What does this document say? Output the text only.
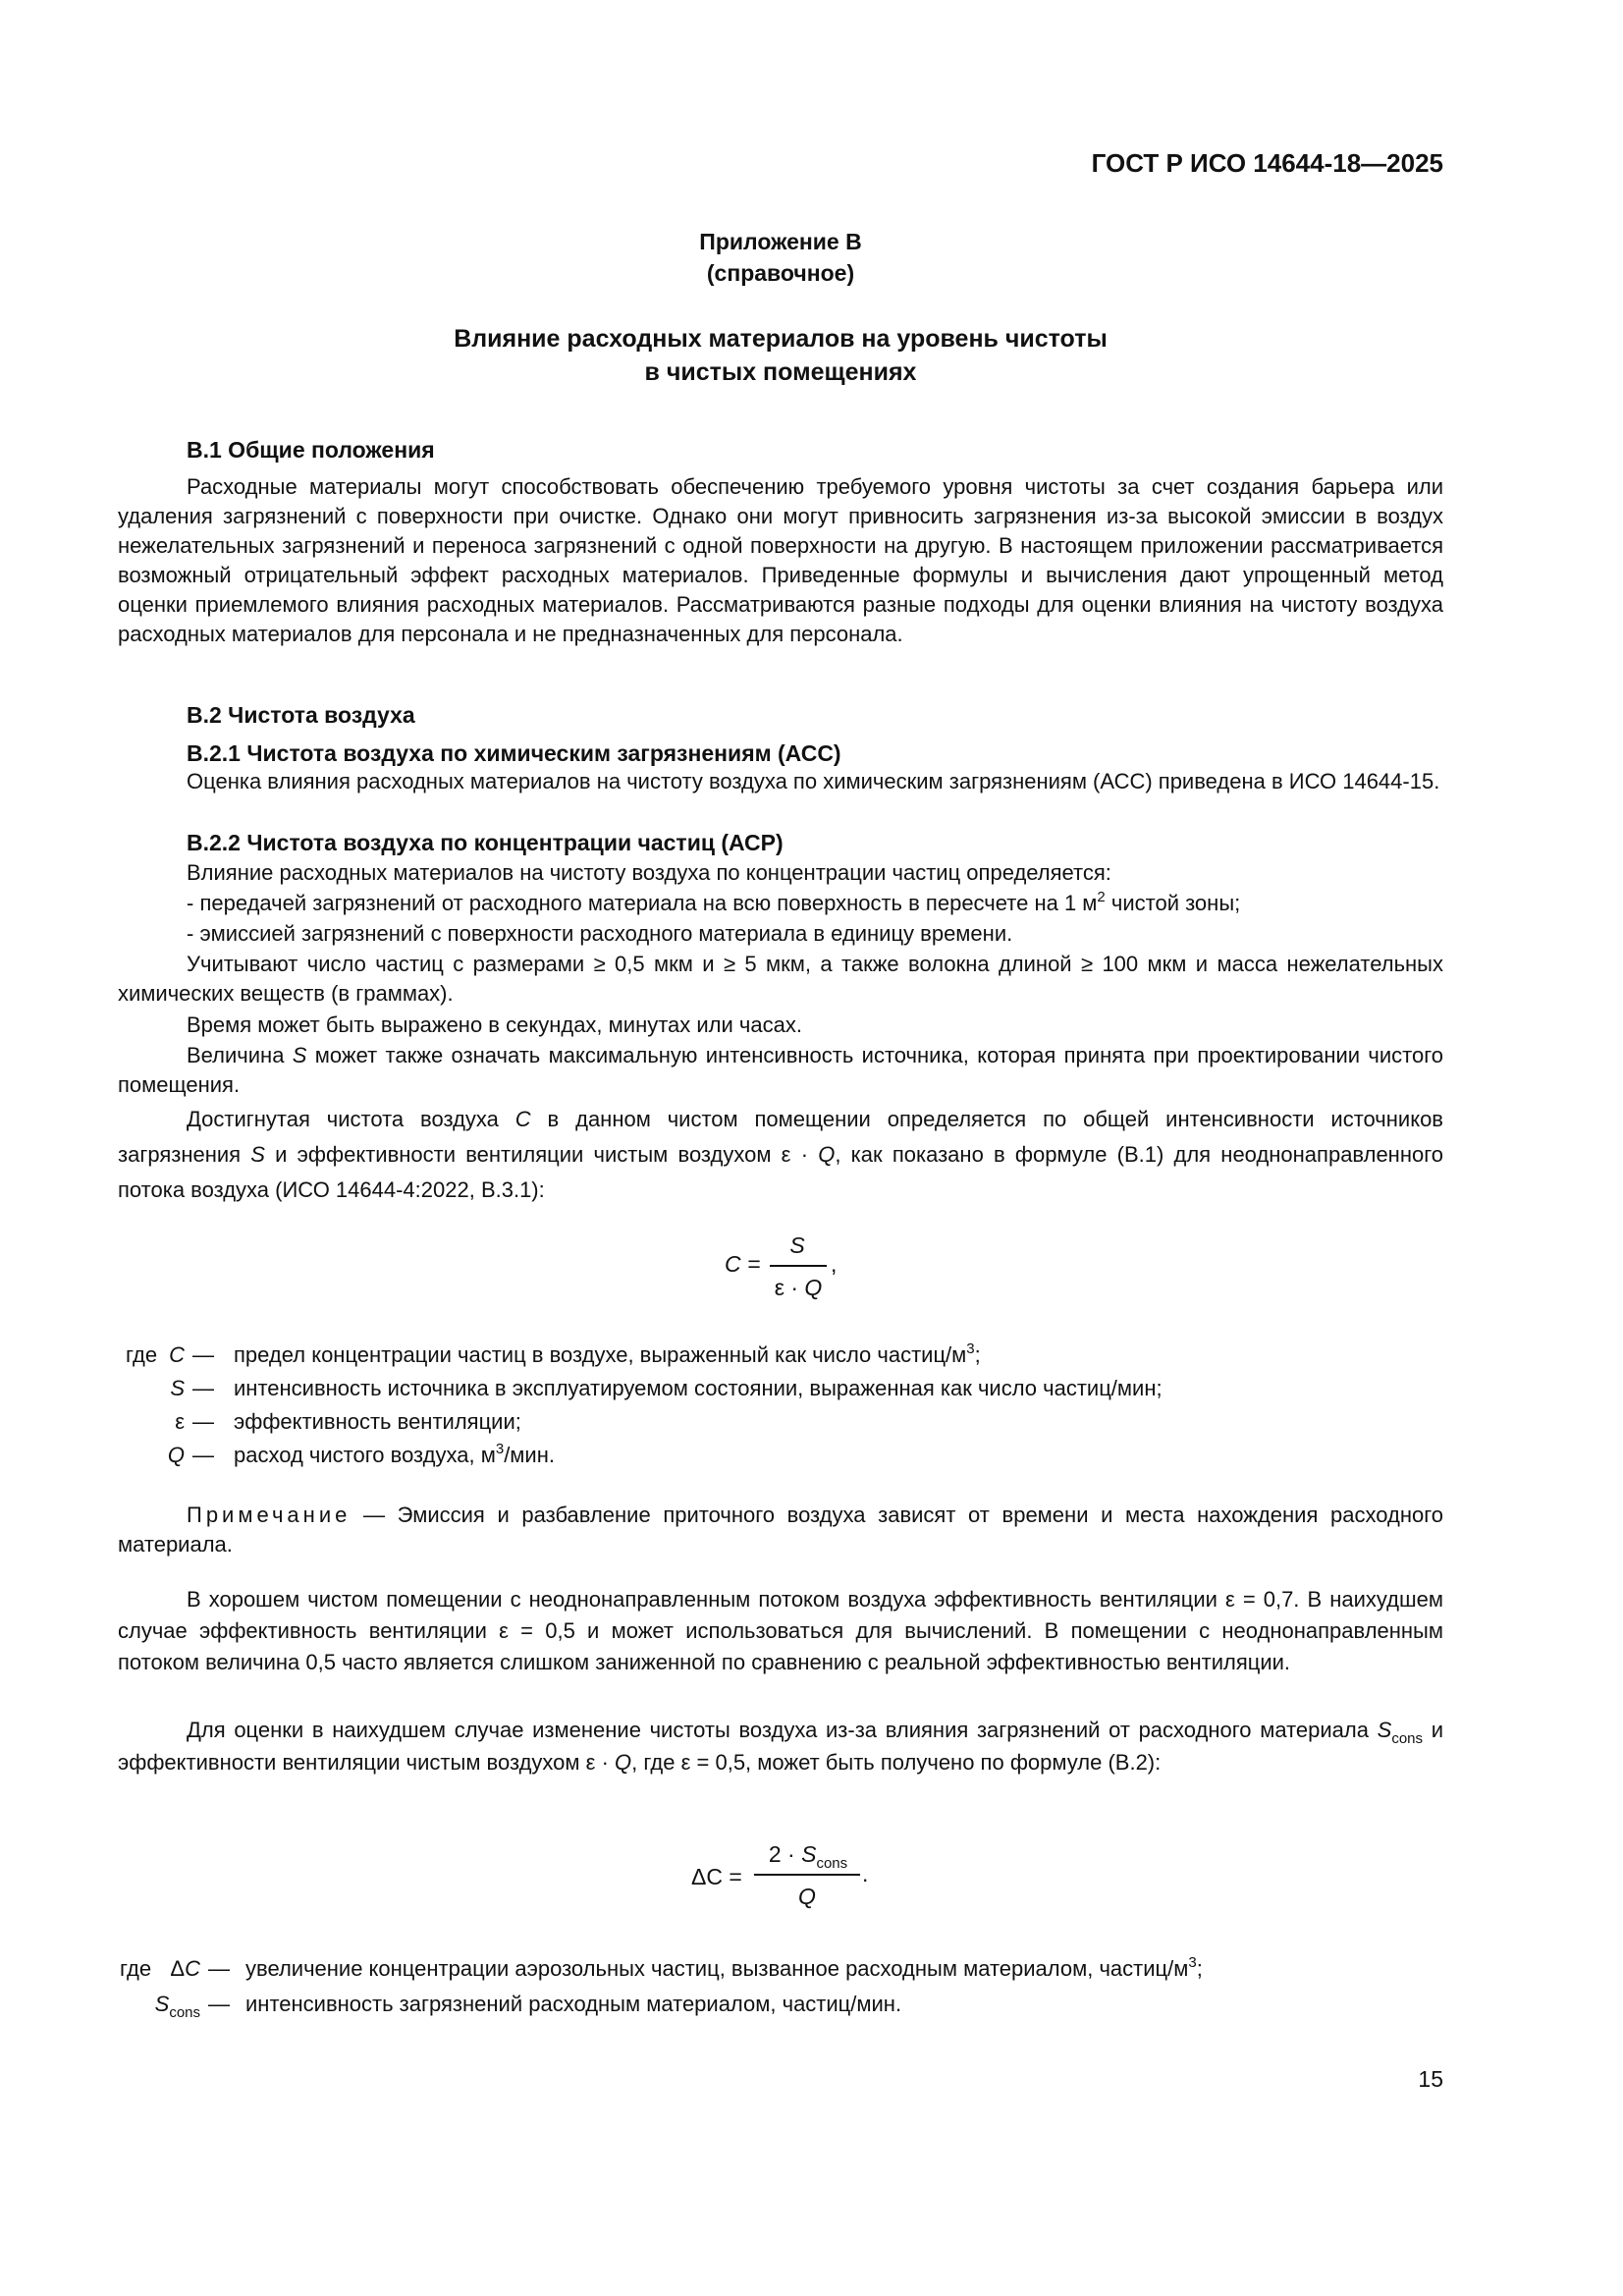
ГОСТ Р ИСО 14644-18—2025
Приложение В
(справочное)
Влияние расходных материалов на уровень чистоты
в чистых помещениях
В.1 Общие положения
Расходные материалы могут способствовать обеспечению требуемого уровня чистоты за счет создания барьера или удаления загрязнений с поверхности при очистке. Однако они могут привносить загрязнения из-за высокой эмиссии в воздух нежелательных загрязнений и переноса загрязнений с одной поверхности на другую. В настоящем приложении рассматривается возможный отрицательный эффект расходных материалов. Приведенные формулы и вычисления дают упрощенный метод оценки приемлемого влияния расходных материалов. Рассматриваются разные подходы для оценки влияния на чистоту воздуха расходных материалов для персонала и не предназначенных для персонала.
В.2 Чистота воздуха
В.2.1 Чистота воздуха по химическим загрязнениям (АСС)
Оценка влияния расходных материалов на чистоту воздуха по химическим загрязнениям (АСС) приведена в ИСО 14644-15.
В.2.2 Чистота воздуха по концентрации частиц (АСР)
Влияние расходных материалов на чистоту воздуха по концентрации частиц определяется:
- передачей загрязнений от расходного материала на всю поверхность в пересчете на 1 $м^2$ чистой зоны;
- эмиссией загрязнений с поверхности расходного материала в единицу времени.
Учитывают число частиц с размерами ≥ 0,5 мкм и ≥ 5 мкм, а также волокна длиной ≥ 100 мкм и масса нежелательных химических веществ (в граммах).
Время может быть выражено в секундах, минутах или часах.
Величина S может также означать максимальную интенсивность источника, которая принята при проектировании чистого помещения.
Достигнутая чистота воздуха C в данном чистом помещении определяется по общей интенсивности источников загрязнения S и эффективности вентиляции чистым воздухом ε · Q, как показано в формуле (В.1) для неоднонаправленного потока воздуха (ИСО 14644-4:2022, В.3.1):
C =
S
ε · Q
,
где C — предел концентрации частиц в воздухе, выраженный как число частиц/$м^3$;
S — интенсивность источника в эксплуатируемом состоянии, выраженная как число частиц/мин;
ε — эффективность вентиляции;
Q — расход чистого воздуха, $м^3$/мин.
Примечание — Эмиссия и разбавление приточного воздуха зависят от времени и места нахождения расходного материала.
В хорошем чистом помещении с неоднонаправленным потоком воздуха эффективность вентиляции ε = 0,7. В наихудшем случае эффективность вентиляции ε = 0,5 и может использоваться для вычислений. В помещении с неоднонаправленным потоком величина 0,5 часто является слишком заниженной по сравнению с реальной эффективностью вентиляции.
Для оценки в наихудшем случае изменение чистоты воздуха из-за влияния загрязнений от расходного материала $S_{cons}$ и эффективности вентиляции чистым воздухом ε · Q, где ε = 0,5, может быть получено по формуле (В.2):
ΔC =
$2 \cdot S_{cons}$
Q
.
где ΔC — увеличение концентрации аэрозольных частиц, вызванное расходным материалом, частиц/$м^3$;
$S_{cons}$ — интенсивность загрязнений расходным материалом, частиц/мин.
15
